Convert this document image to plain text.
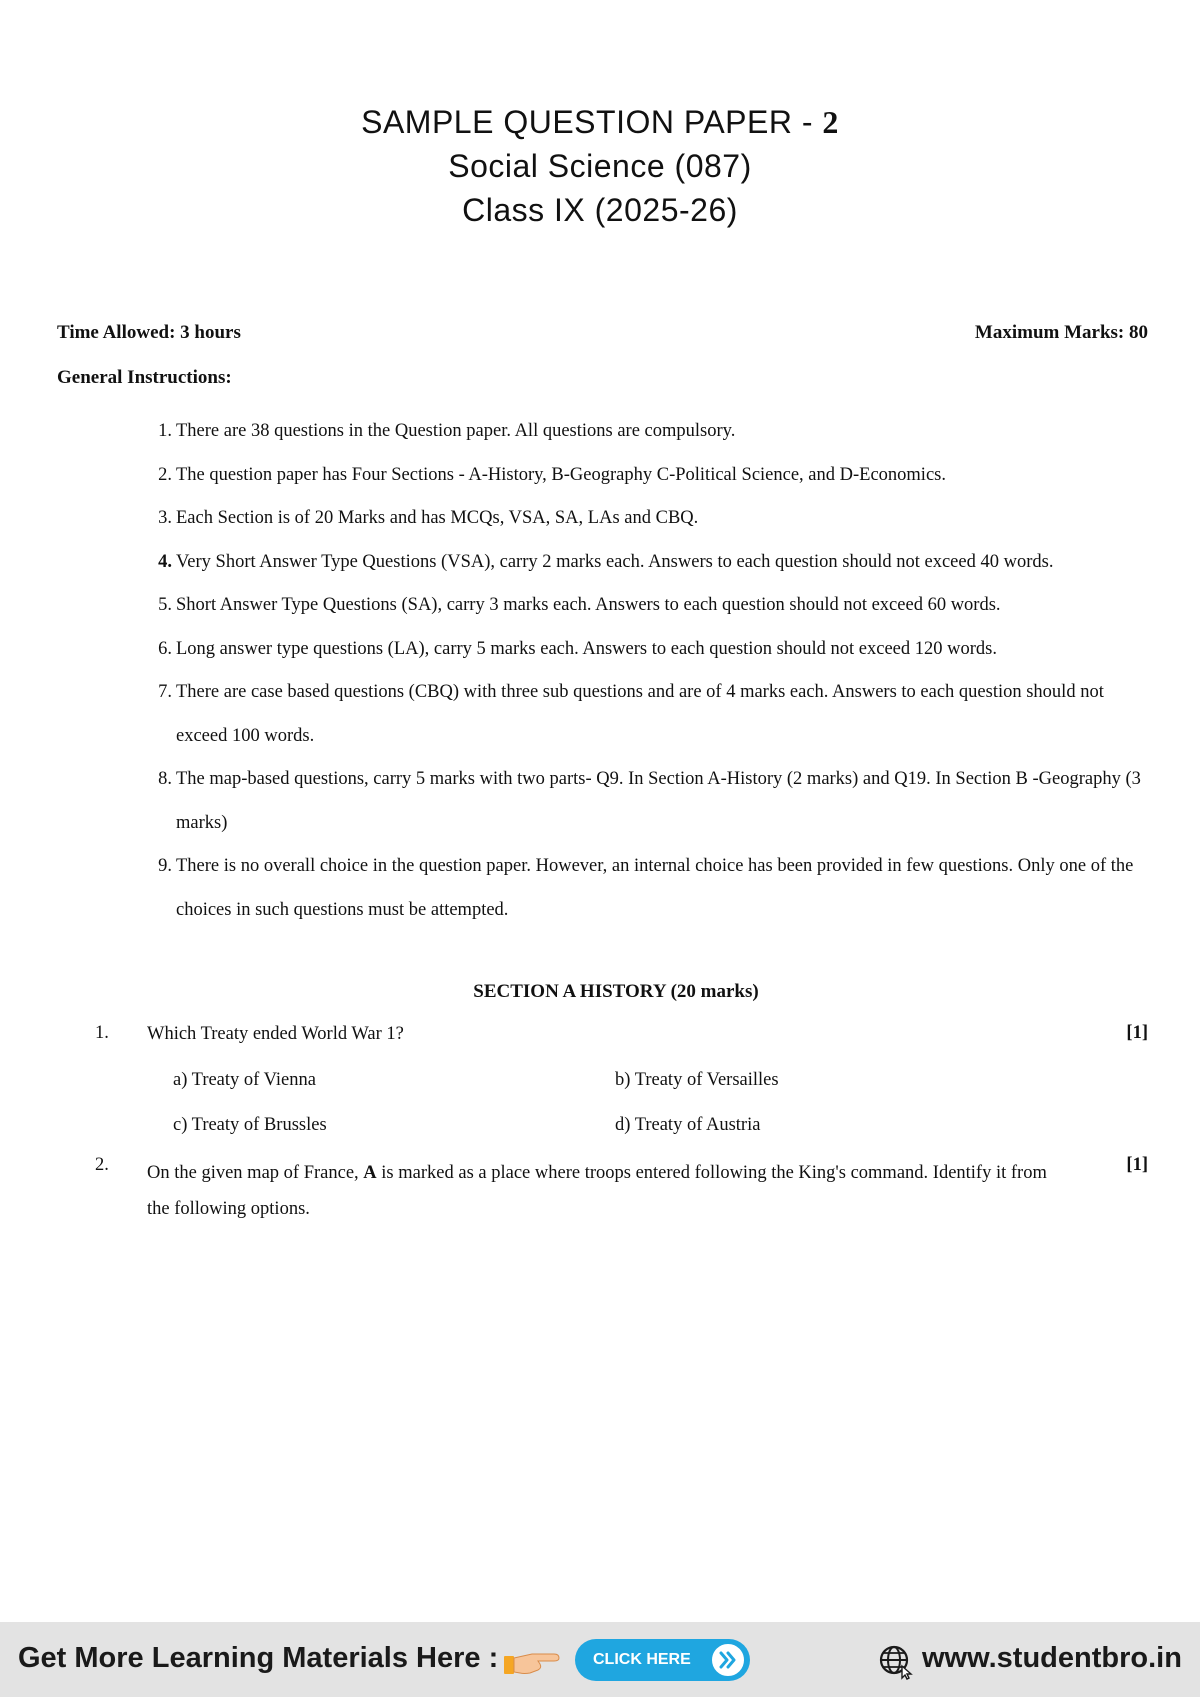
SAMPLE QUESTION PAPER - 2
Social Science (087)
Class IX (2025-26)
Time Allowed: 3 hours	Maximum Marks: 80
General Instructions:
1. There are 38 questions in the Question paper. All questions are compulsory.
2. The question paper has Four Sections - A-History, B-Geography C-Political Science, and D-Economics.
3. Each Section is of 20 Marks and has MCQs, VSA, SA, LAs and CBQ.
4. Very Short Answer Type Questions (VSA), carry 2 marks each. Answers to each question should not exceed 40 words.
5. Short Answer Type Questions (SA), carry 3 marks each. Answers to each question should not exceed 60 words.
6. Long answer type questions (LA), carry 5 marks each. Answers to each question should not exceed 120 words.
7. There are case based questions (CBQ) with three sub questions and are of 4 marks each. Answers to each question should not exceed 100 words.
8. The map-based questions, carry 5 marks with two parts- Q9. In Section A-History (2 marks) and Q19. In Section B -Geography (3 marks)
9. There is no overall choice in the question paper. However, an internal choice has been provided in few questions. Only one of the choices in such questions must be attempted.
SECTION A HISTORY (20 marks)
1. Which Treaty ended World War 1?	[1]
a) Treaty of Vienna	b) Treaty of Versailles
c) Treaty of Brussles	d) Treaty of Austria
2. On the given map of France, A is marked as a place where troops entered following the King's command. Identify it from the following options.
[1]
Get More Learning Materials Here :	CLICK HERE	www.studentbro.in
